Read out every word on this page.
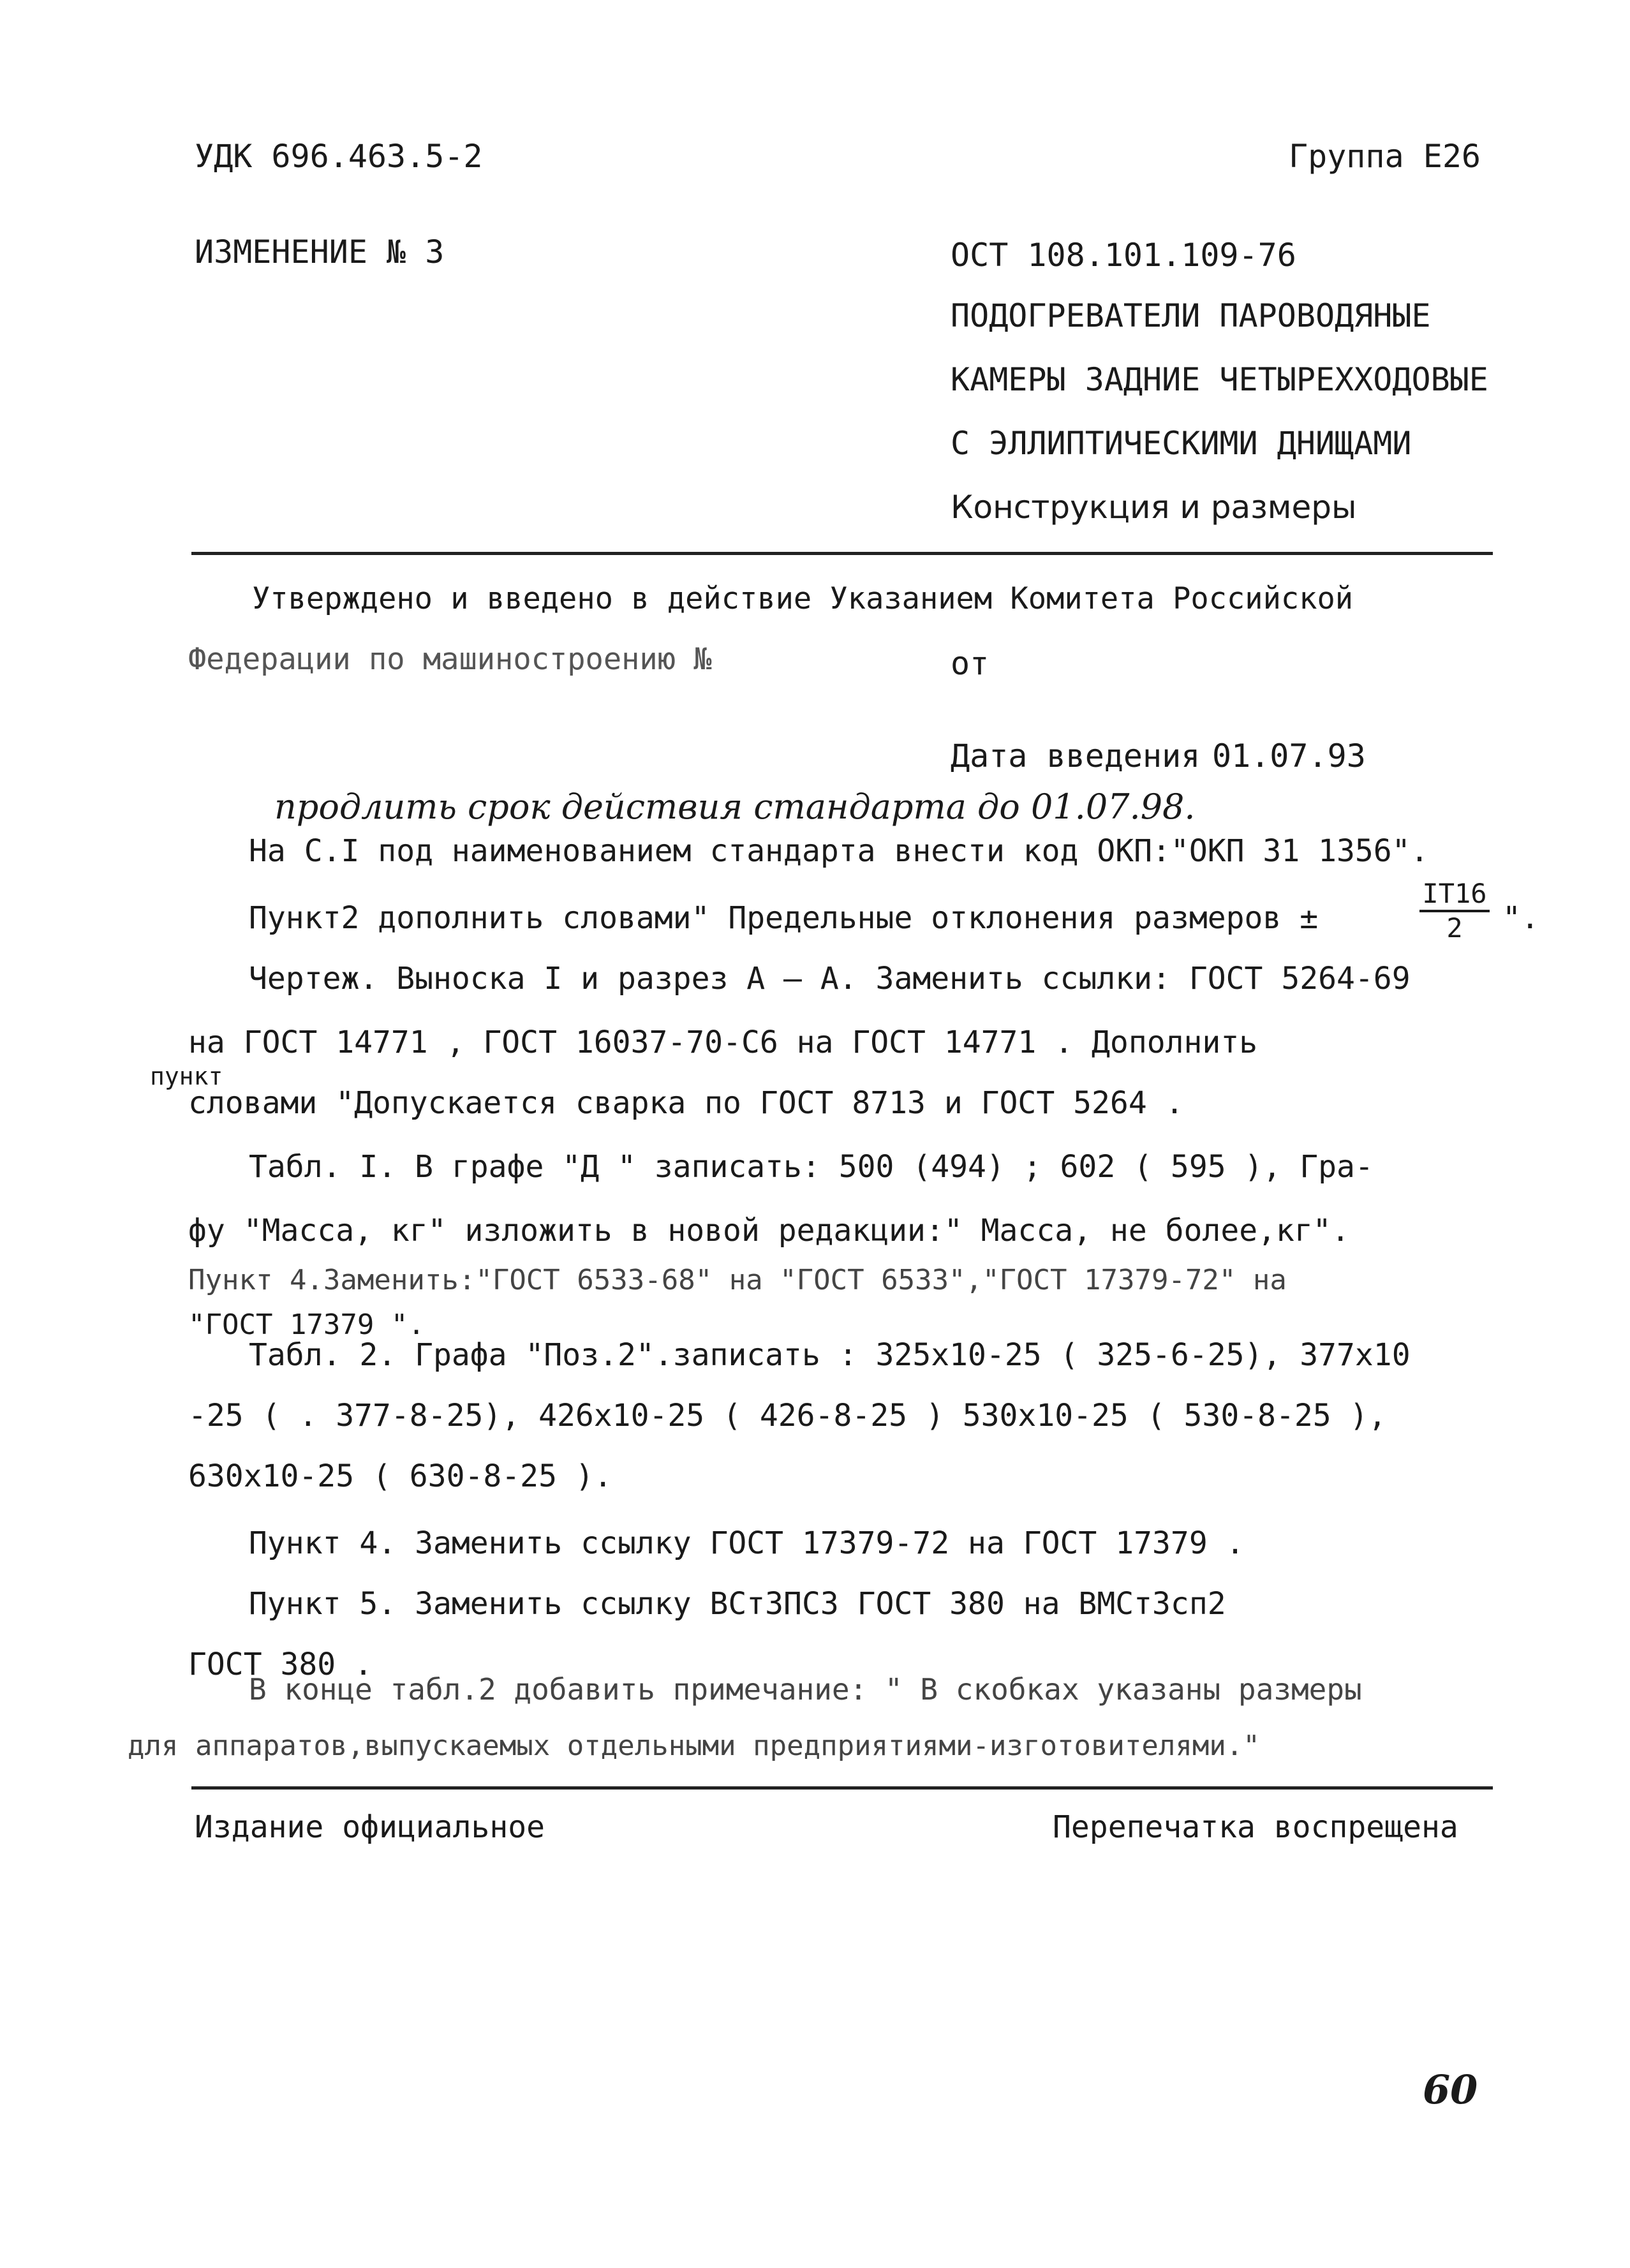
УДК 696.463.5-2	Группа Е26
ИЗМЕНЕНИЕ № 3	ОСТ 108.101.109-76
ПОДОГРЕВАТЕЛИ ПАРОВОДЯНЫЕ
КАМЕРЫ ЗАДНИЕ ЧЕТЫРЕХХОДОВЫЕ
С ЭЛЛИПТИЧЕСКИМИ ДНИЩАМИ
Конструкция и размеры
Утверждено и введено в действие Указанием Комитета Российской
Федерации по машиностроению №	от
Дата введения 01.07.93
продлить срок действия стандарта до 01.07.98.
На С.I под наименованием стандарта внести код ОКП:"ОКП 31 1356".
Пункт2 дополнить словами" Предельные отклонения размеров ±	$\frac{IT16}{2}$ ".
Чертеж. Выноска I и разрез А – А. Заменить ссылки: ГОСТ 5264-69
на ГОСТ 14771 , ГОСТ 16037-70-С6 на ГОСТ 14771 . Дополнить
пункт
словами "Допускается сварка по ГОСТ 8713 и ГОСТ 5264 .
Табл. I. В графе "Д " записать: 500 (494) ; 602 ( 595 ), Гра-
фу "Масса, кг" изложить в новой редакции:" Масса, не более,кг".
Пункт 4.Заменить:"ГОСТ 6533-68" на "ГОСТ 6533","ГОСТ 17379-72" на
"ГОСТ 17379 ".
Табл. 2. Графа "Поз.2".записать : 325х10-25 ( 325-6-25), 377х10
-25 ( . 377-8-25), 426х10-25 ( 426-8-25 ) 530х10-25 ( 530-8-25 ),
630х10-25 ( 630-8-25 ).
Пункт 4. Заменить ссылку ГОСТ 17379-72 на ГОСТ 17379 .
Пункт 5. Заменить ссылку ВСт3ПС3 ГОСТ 380 на ВМСт3сп2
ГОСТ 380 .
В конце табл.2 добавить примечание: " В скобках указаны размеры
для аппаратов,выпускаемых отдельными предприятиями-изготовителями."
Издание официальное	Перепечатка воспрещена
60
